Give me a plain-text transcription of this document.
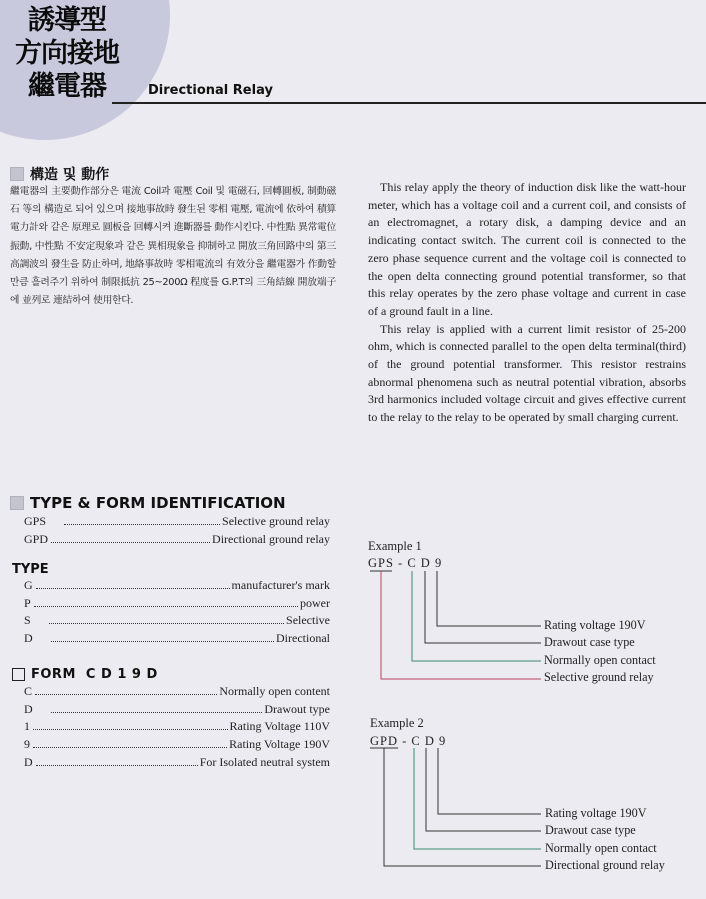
誘導型
方向接地
繼電器	Directional Relay
構造 및 動作
繼電器의 主要動作部分은 電流 Coil과 電壓 Coil 및 電磁石, 回轉圓板, 制動磁石 等의 構造로 되어 있으며 接地事故時 發生된 零相 電壓, 電流에 依하여 積算電力計와 같은 原理로 圓板을 回轉시켜 進斷器를 動作시킨다. 中性點 異常電位振動, 中性點 不安定現象과 같은 異相現象을 抑制하고 開放三角回路中의 第三高調波의 發生을 防止하며, 地絡事故時 零相電流의 有效分을 繼電器가 作動할 만큼 흘려주기 위하여 制限抵抗 25~200Ω 程度를 G.P.T의 三角結線 開放端子에 並列로 連結하여 使用한다.

This relay apply the theory of induction disk like the watt-hour meter, which has a voltage coil and a current coil, and consists of an electromagnet, a rotary disk, a damping device and an indicating contact switch. The current coil is connected to the zero phase sequence current and the voltage coil is connected to the open delta connecting ground potential transformer, so that this relay operates by the zero phase voltage and current in case of a ground fault in a line.

This relay is applied with a current limit resistor of 25-200 ohm, which is connected parallel to the open delta terminal(third) of the ground potential transformer. This resistor restrains abnormal phenomena such as neutral potential vibration, absorbs 3rd harmonics included voltage circuit and gives effective current to the relay to the relay to be operated by small charging current.

TYPE & FORM IDENTIFICATION
GPS	Selective ground relay
GPD	Directional ground relay
TYPE
G	manufacturer's mark
P	power
S	Selective
D	Directional
FORM  C D 1 9 D
C	Normally open content
D	Drawout type
1	Rating Voltage 110V
9	Rating Voltage 190V
D	For Isolated neutral system
Example 1
GPS - C D 9
Rating voltage 190V
Drawout case type
Normally open contact
Selective ground relay
Example 2
GPD - C D 9
Rating voltage 190V
Drawout case type
Normally open contact
Directional ground relay
